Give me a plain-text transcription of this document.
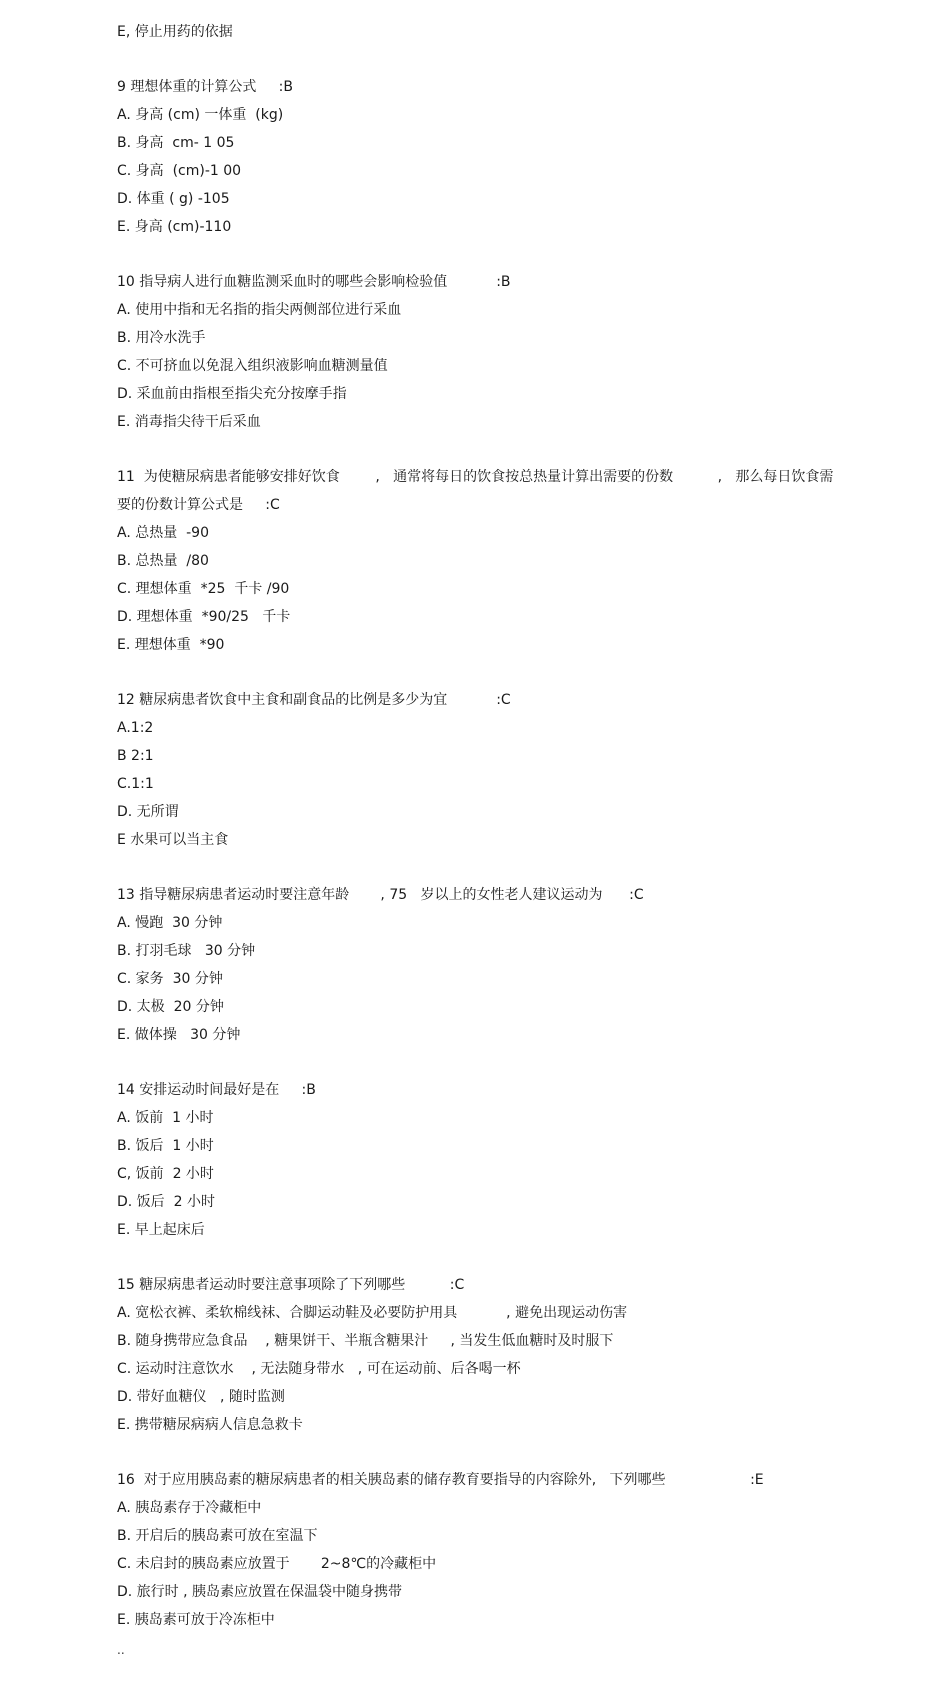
E, 停止用药的依据
9 理想体重的计算公式     :B
A. 身高 (cm) 一体重  (kg)
B. 身高  cm- 1 05
C. 身高  (cm)-1 00
D. 体重 ( g) -105
E. 身高 (cm)-110
10 指导病人进行血糖监测采血时的哪些会影响检验值           :B
A. 使用中指和无名指的指尖两侧部位进行采血
B. 用冷水洗手
C. 不可挤血以免混入组织液影响血糖测量值
D. 采血前由指根至指尖充分按摩手指
E. 消毒指尖待干后采血
11  为使糖尿病患者能够安排好饮食        ,   通常将每日的饮食按总热量计算出需要的份数          ,   那么每日饮食需
要的份数计算公式是     :C
A. 总热量  -90
B. 总热量  /80
C. 理想体重  *25  千卡 /90
D. 理想体重  *90/25   千卡
E. 理想体重  *90
12 糖尿病患者饮食中主食和副食品的比例是多少为宜           :C
A.1:2
B 2:1
C.1:1
D. 无所谓
E 水果可以当主食
13 指导糖尿病患者运动时要注意年龄       , 75   岁以上的女性老人建议运动为      :C
A. 慢跑  30 分钟
B. 打羽毛球   30 分钟
C. 家务  30 分钟
D. 太极  20 分钟
E. 做体操   30 分钟
14 安排运动时间最好是在     :B
A. 饭前  1 小时
B. 饭后  1 小时
C, 饭前  2 小时
D. 饭后  2 小时
E. 早上起床后
15 糖尿病患者运动时要注意事项除了下列哪些          :C
A. 宽松衣裤、柔软棉线袜、合脚运动鞋及必要防护用具           , 避免出现运动伤害
B. 随身携带应急食品    , 糖果饼干、半瓶含糖果汁     , 当发生低血糖时及时服下
C. 运动时注意饮水    , 无法随身带水   , 可在运动前、后各喝一杯
D. 带好血糖仪   , 随时监测
E. 携带糖尿病病人信息急救卡
16  对于应用胰岛素的糖尿病患者的相关胰岛素的储存教育要指导的内容除外,   下列哪些                   :E
A. 胰岛素存于冷藏柜中
B. 开启后的胰岛素可放在室温下
C. 未启封的胰岛素应放置于       2~8℃的冷藏柜中
D. 旅行时 , 胰岛素应放置在保温袋中随身携带
E. 胰岛素可放于冷冻柜中
..
